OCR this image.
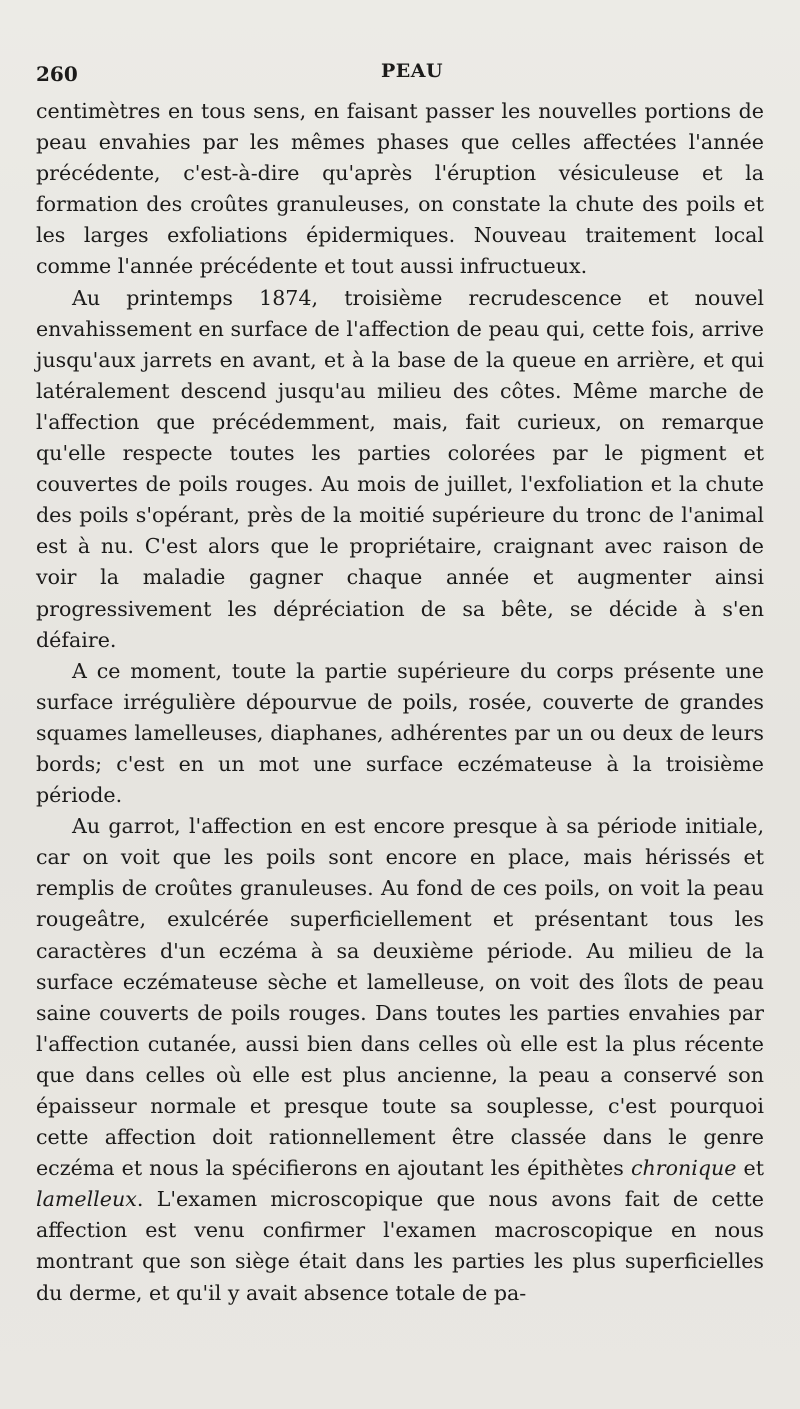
260	PEAU

centimètres en tous sens, en faisant passer les nouvelles portions de peau envahies par les mêmes phases que celles affectées l'année précédente, c'est-à-dire qu'après l'éruption vésiculeuse et la formation des croûtes granuleuses, on constate la chute des poils et les larges exfoliations épidermiques. Nouveau traitement local comme l'année précédente et tout aussi infructueux.

Au printemps 1874, troisième recrudescence et nouvel envahissement en surface de l'affection de peau qui, cette fois, arrive jusqu'aux jarrets en avant, et à la base de la queue en arrière, et qui latéralement descend jusqu'au milieu des côtes. Même marche de l'affection que précédemment, mais, fait curieux, on remarque qu'elle respecte toutes les parties colorées par le pigment et couvertes de poils rouges. Au mois de juillet, l'exfoliation et la chute des poils s'opérant, près de la moitié supérieure du tronc de l'animal est à nu. C'est alors que le propriétaire, craignant avec raison de voir la maladie gagner chaque année et augmenter ainsi progressivement les dépréciation de sa bête, se décide à s'en défaire.

A ce moment, toute la partie supérieure du corps présente une surface irrégulière dépourvue de poils, rosée, couverte de grandes squames lamelleuses, diaphanes, adhérentes par un ou deux de leurs bords; c'est en un mot une surface eczémateuse à la troisième période.

Au garrot, l'affection en est encore presque à sa période initiale, car on voit que les poils sont encore en place, mais hérissés et remplis de croûtes granuleuses. Au fond de ces poils, on voit la peau rougeâtre, exulcérée superficiellement et présentant tous les caractères d'un eczéma à sa deuxième période. Au milieu de la surface eczémateuse sèche et lamelleuse, on voit des îlots de peau saine couverts de poils rouges. Dans toutes les parties envahies par l'affection cutanée, aussi bien dans celles où elle est la plus récente que dans celles où elle est plus ancienne, la peau a conservé son épaisseur normale et presque toute sa souplesse, c'est pourquoi cette affection doit rationnellement être classée dans le genre eczéma et nous la spécifierons en ajoutant les épithètes chronique et lamelleux. L'examen microscopique que nous avons fait de cette affection est venu confirmer l'examen macroscopique en nous montrant que son siège était dans les parties les plus superficielles du derme, et qu'il y avait absence totale de pa-
